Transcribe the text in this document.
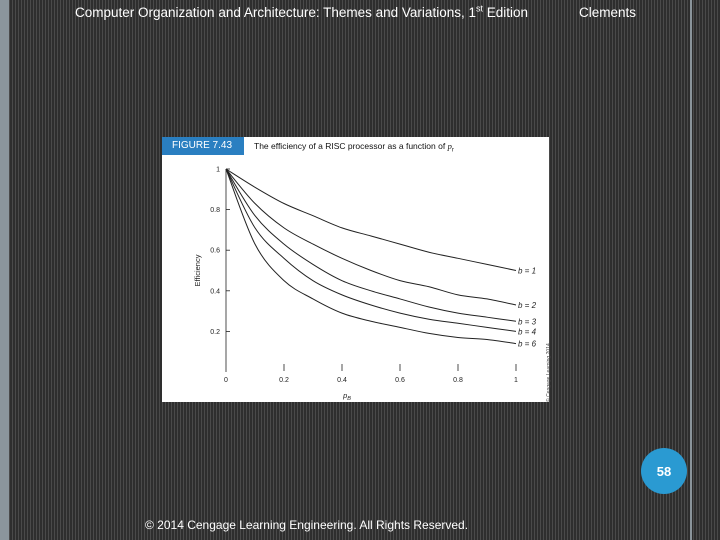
Computer Organization and Architecture: Themes and Variations, 1st Edition	Clements
FIGURE 7.43	The efficiency of a RISC processor as a function of $p_r$
0.2
0.4
0.6
0.8
1
0	0.2	0.4	0.6	0.8	1
Efficiency
$p_B$
b = 1
b = 2
b = 3
b = 4
b = 6 © Cengage Learning 2014
58
© 2014 Cengage Learning Engineering. All Rights Reserved.
